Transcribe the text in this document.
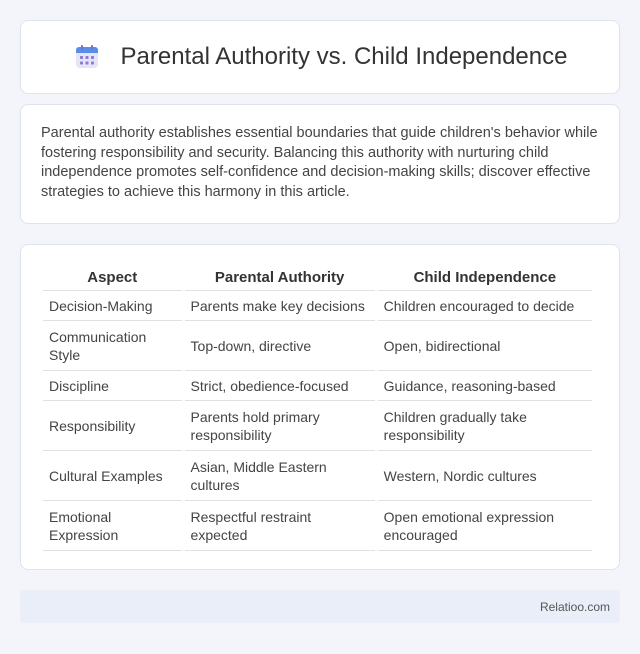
Parental Authority vs. Child Independence

Parental authority establishes essential boundaries that guide children's behavior while fostering responsibility and security. Balancing this authority with nurturing child independence promotes self-confidence and decision-making skills; discover effective strategies to achieve this harmony in this article.

Aspect	Parental Authority	Child Independence
Decision-Making	Parents make key decisions	Children encouraged to decide
Communication Style	Top-down, directive	Open, bidirectional
Discipline	Strict, obedience-focused	Guidance, reasoning-based
Responsibility	Parents hold primary responsibility	Children gradually take responsibility
Cultural Examples	Asian, Middle Eastern cultures	Western, Nordic cultures
Emotional Expression	Respectful restraint expected	Open emotional expression encouraged
Relatioo.com
